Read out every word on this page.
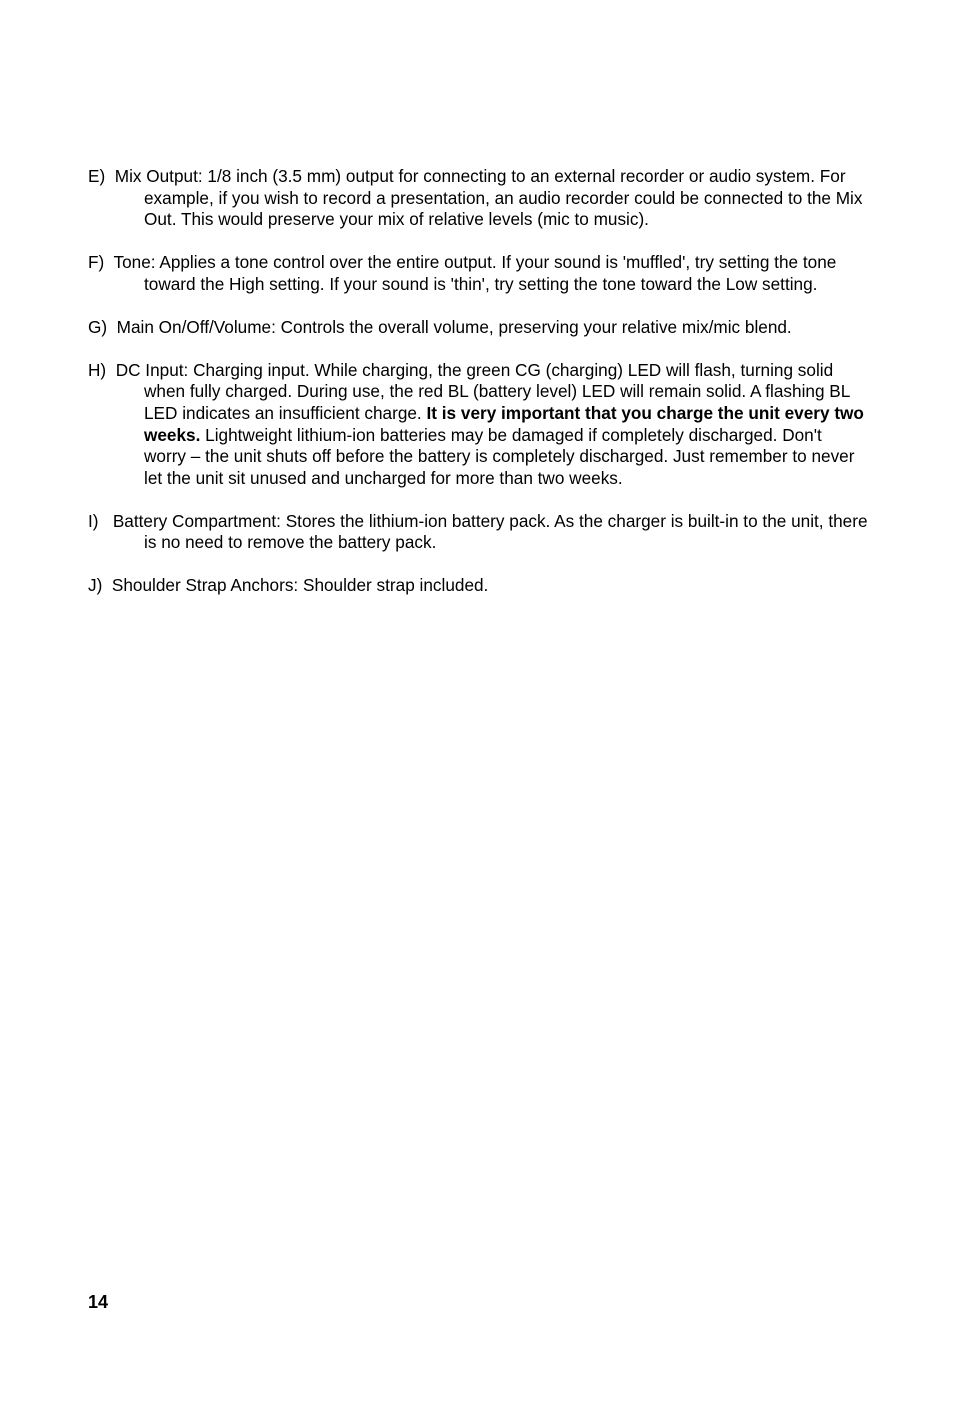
E) Mix Output: 1/8 inch (3.5 mm) output for connecting to an external recorder or audio system. For example, if you wish to record a presentation, an audio recorder could be connected to the Mix Out. This would preserve your mix of relative levels (mic to music).

F) Tone: Applies a tone control over the entire output. If your sound is 'muffled', try setting the tone toward the High setting. If your sound is 'thin', try setting the tone toward the Low setting.

G) Main On/Off/Volume: Controls the overall volume, preserving your relative mix/mic blend.

H) DC Input: Charging input. While charging, the green CG (charging) LED will flash, turning solid when fully charged. During use, the red BL (battery level) LED will remain solid. A flashing BL LED indicates an insufficient charge. It is very important that you charge the unit every two weeks. Lightweight lithium-ion batteries may be damaged if completely discharged. Don't worry – the unit shuts off before the battery is completely discharged. Just remember to never let the unit sit unused and uncharged for more than two weeks.

I) Battery Compartment: Stores the lithium-ion battery pack. As the charger is built-in to the unit, there is no need to remove the battery pack.

J) Shoulder Strap Anchors: Shoulder strap included.

14
